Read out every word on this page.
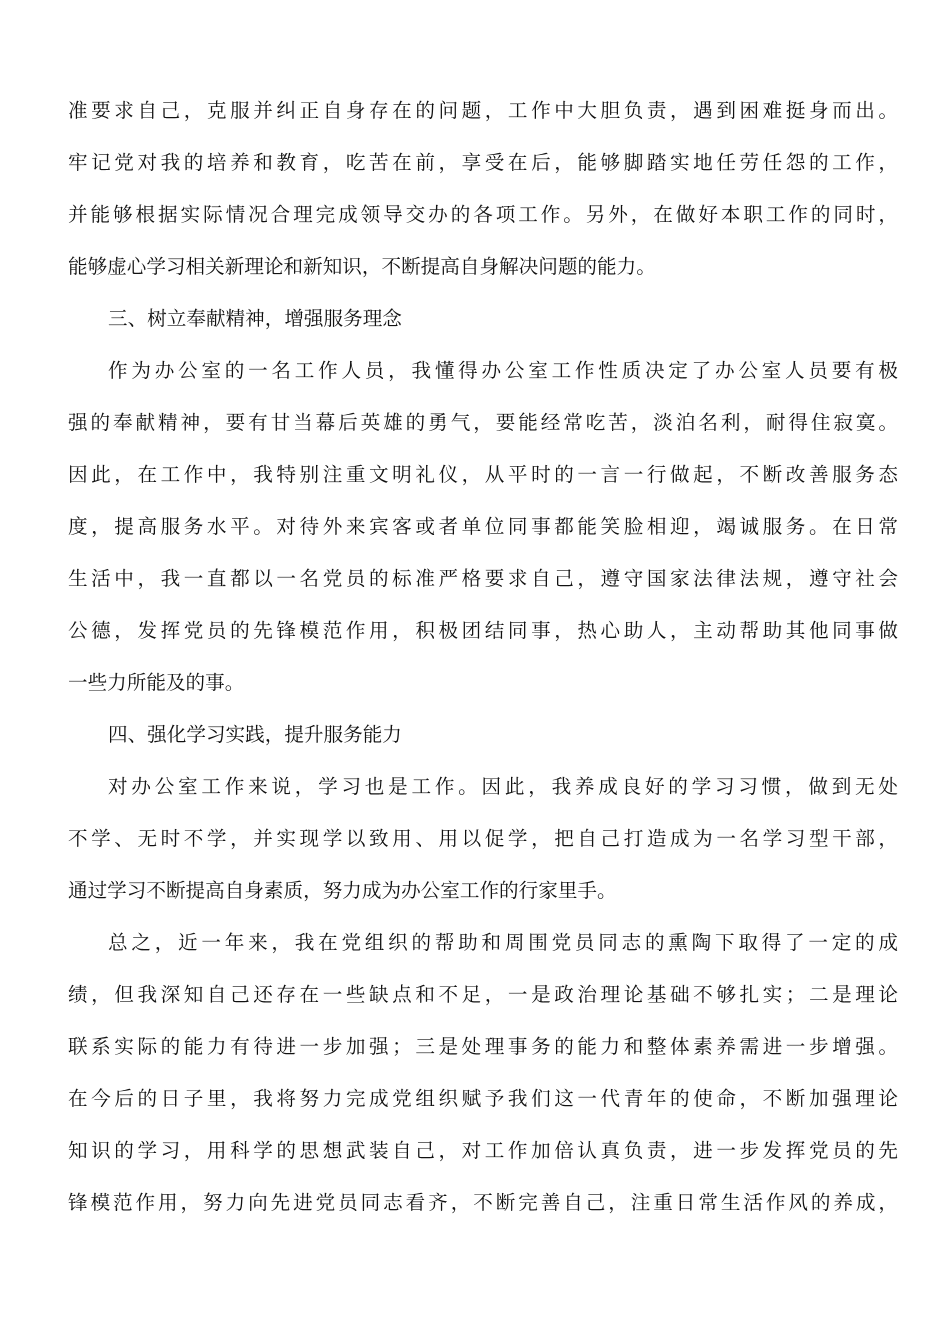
准要求自己，克服并纠正自身存在的问题，工作中大胆负责，遇到困难挺身而出。
牢记党对我的培养和教育，吃苦在前，享受在后，能够脚踏实地任劳任怨的工作，
并能够根据实际情况合理完成领导交办的各项工作。另外，在做好本职工作的同时，
能够虚心学习相关新理论和新知识，不断提高自身解决问题的能力。
三、树立奉献精神，增强服务理念
作为办公室的一名工作人员，我懂得办公室工作性质决定了办公室人员要有极
强的奉献精神，要有甘当幕后英雄的勇气，要能经常吃苦，淡泊名利，耐得住寂寞。
因此，在工作中，我特别注重文明礼仪，从平时的一言一行做起，不断改善服务态
度，提高服务水平。对待外来宾客或者单位同事都能笑脸相迎，竭诚服务。在日常
生活中，我一直都以一名党员的标准严格要求自己，遵守国家法律法规，遵守社会
公德，发挥党员的先锋模范作用，积极团结同事，热心助人，主动帮助其他同事做
一些力所能及的事。
四、强化学习实践，提升服务能力
对办公室工作来说，学习也是工作。因此，我养成良好的学习习惯，做到无处
不学、无时不学，并实现学以致用、用以促学，把自己打造成为一名学习型干部，
通过学习不断提高自身素质，努力成为办公室工作的行家里手。
总之，近一年来，我在党组织的帮助和周围党员同志的熏陶下取得了一定的成
绩，但我深知自己还存在一些缺点和不足，一是政治理论基础不够扎实；二是理论
联系实际的能力有待进一步加强；三是处理事务的能力和整体素养需进一步增强。
在今后的日子里，我将努力完成党组织赋予我们这一代青年的使命，不断加强理论
知识的学习，用科学的思想武装自己，对工作加倍认真负责，进一步发挥党员的先
锋模范作用，努力向先进党员同志看齐，不断完善自己，注重日常生活作风的养成，
